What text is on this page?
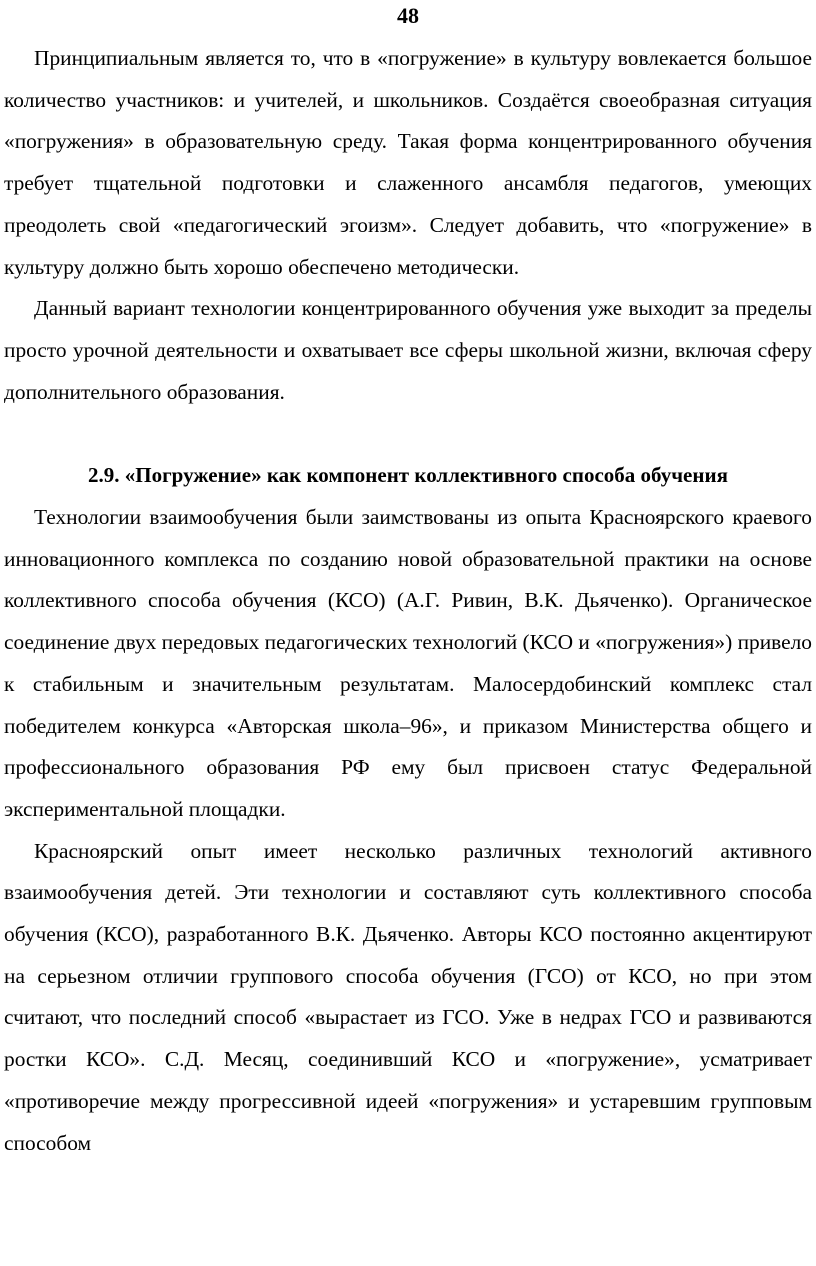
48

Принципиальным является то, что в «погружение» в культуру вовлекается большое количество участников: и учителей, и школьников. Создаётся своеобразная ситуация «погружения» в образовательную среду. Такая форма концентрированного обучения требует тщательной подготовки и слаженного ансамбля педагогов, умеющих преодолеть свой «педагогический эгоизм». Следует добавить, что «погружение» в культуру должно быть хорошо обеспечено методически.

Данный вариант технологии концентрированного обучения уже выходит за пределы просто урочной деятельности и охватывает все сферы школьной жизни, включая сферу дополнительного образования.

2.9. «Погружение» как компонент коллективного способа обучения

Технологии взаимообучения были заимствованы из опыта Красноярского краевого инновационного комплекса по созданию новой образовательной практики на основе коллективного способа обучения (КСО) (А.Г. Ривин, В.К. Дьяченко). Органическое соединение двух передовых педагогических технологий (КСО и «погружения») привело к стабильным и значительным результатам. Малосердобинский комплекс стал победителем конкурса «Авторская школа–96», и приказом Министерства общего и профессионального образования РФ ему был присвоен статус Федеральной экспериментальной площадки.

Красноярский опыт имеет несколько различных технологий активного взаимообучения детей. Эти технологии и составляют суть коллективного способа обучения (КСО), разработанного В.К. Дьяченко. Авторы КСО постоянно акцентируют на серьезном отличии группового способа обучения (ГСО) от КСО, но при этом считают, что последний способ «вырастает из ГСО. Уже в недрах ГСО и развиваются ростки КСО». С.Д. Месяц, соединивший КСО и «погружение», усматривает «противоречие между прогрессивной идеей «погружения» и устаревшим групповым способом
